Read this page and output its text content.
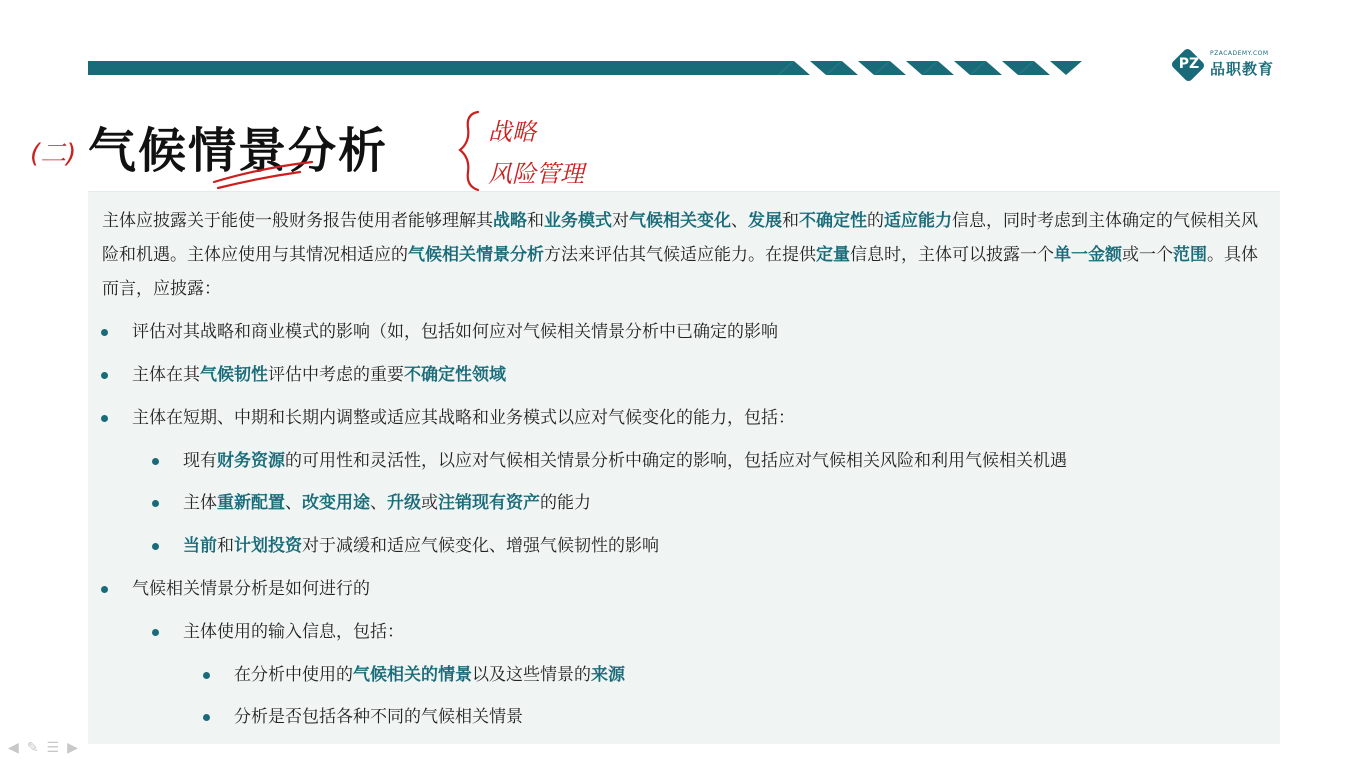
PZ
PZACADEMY.COM
品职教育
气候情景分析
(二)
战略
风险管理
主体应披露关于能使一般财务报告使用者能够理解其战略和业务模式对气候相关变化、发展和不确定性的适应能力信息，同时考虑到主体确定的气候相关风险和机遇。主体应使用与其情况相适应的气候相关情景分析方法来评估其气候适应能力。在提供定量信息时，主体可以披露一个单一金额或一个范围。具体而言，应披露：
评估对其战略和商业模式的影响（如，包括如何应对气候相关情景分析中已确定的影响
主体在其气候韧性评估中考虑的重要不确定性领域
主体在短期、中期和长期内调整或适应其战略和业务模式以应对气候变化的能力，包括：
现有财务资源的可用性和灵活性，以应对气候相关情景分析中确定的影响，包括应对气候相关风险和利用气候相关机遇
主体重新配置、改变用途、升级或注销现有资产的能力
当前和计划投资对于减缓和适应气候变化、增强气候韧性的影响
气候相关情景分析是如何进行的
主体使用的输入信息，包括：
在分析中使用的气候相关的情景以及这些情景的来源
分析是否包括各种不同的气候相关情景
◀✎☰▶
